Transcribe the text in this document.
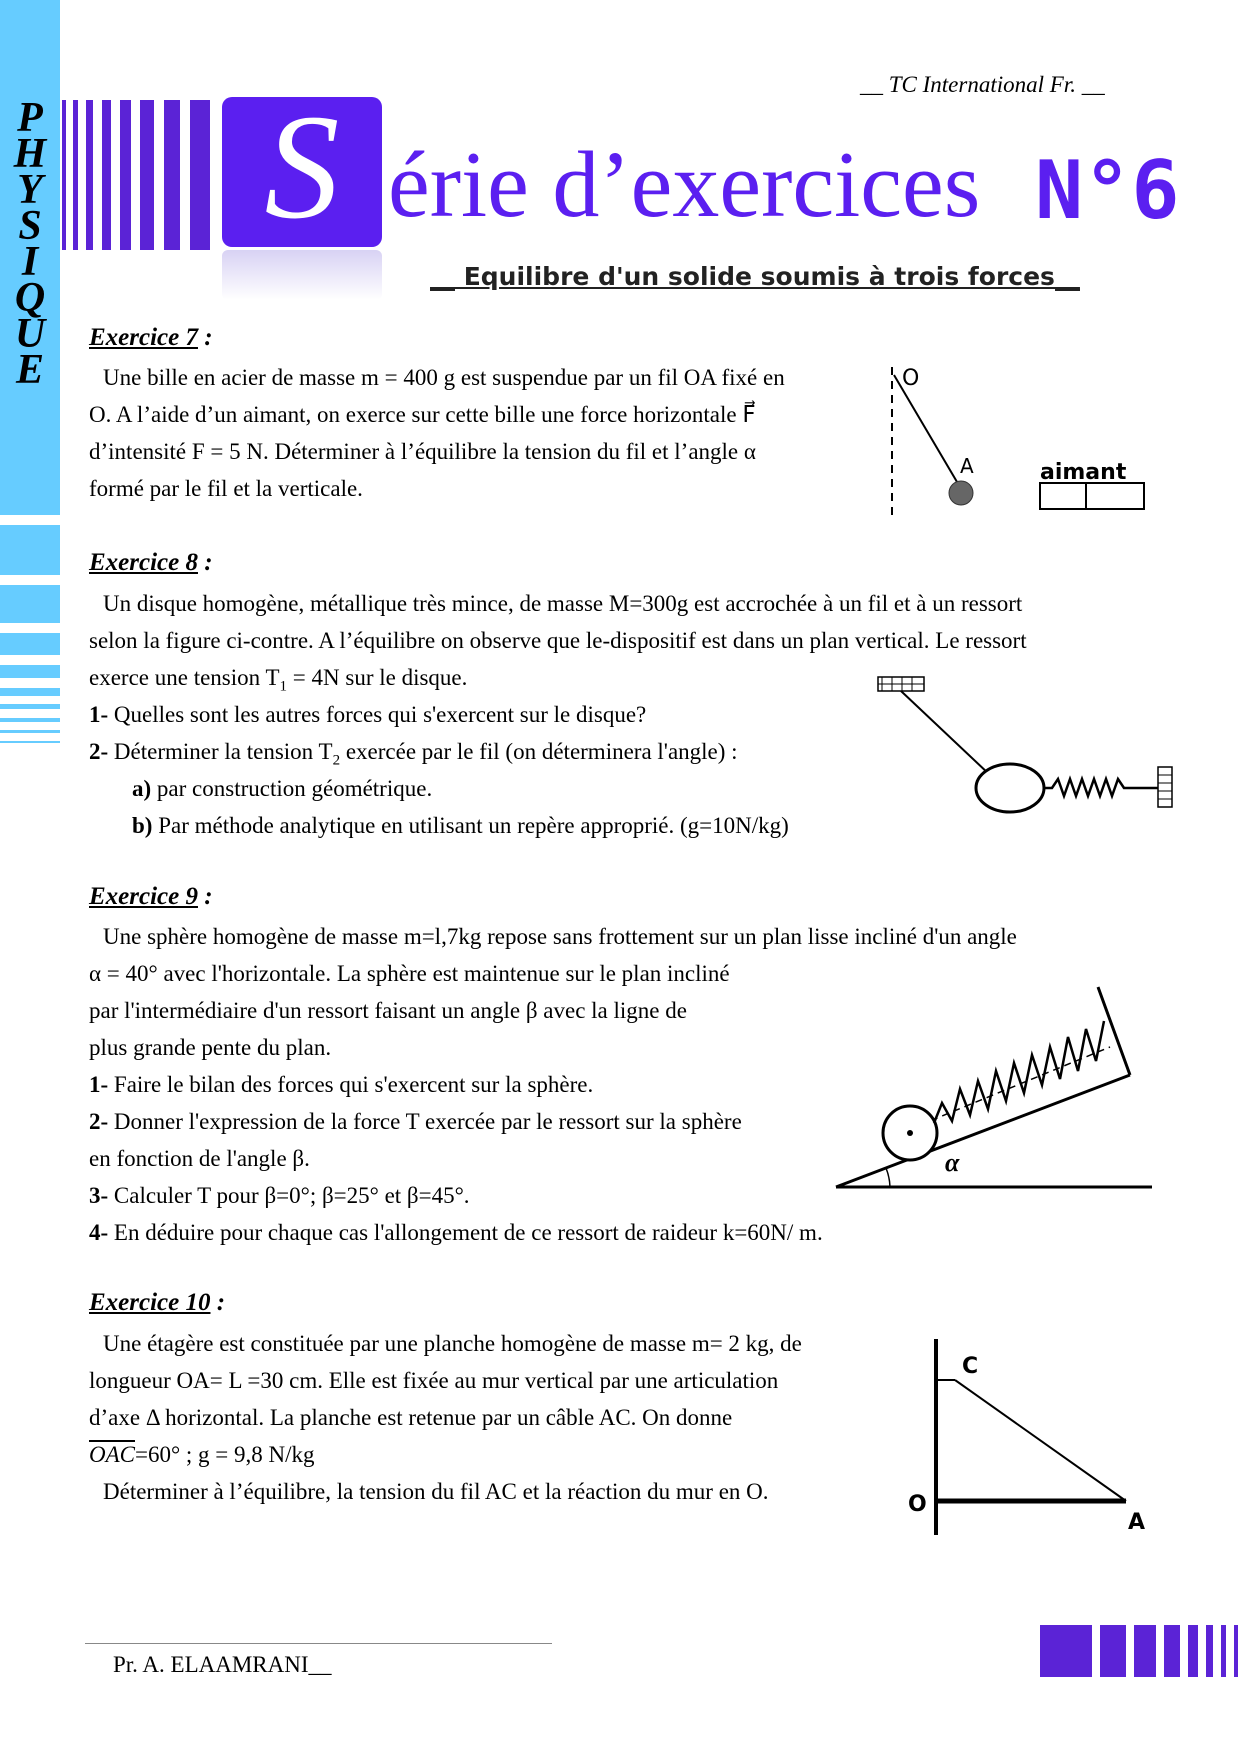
P
H
Y
S
I
Q
U
E
__ TC International Fr. __
S érie d’exercices N°6
__ Equilibre d'un solide soumis à trois forces__
Exercice 7 :
Une bille en acier de masse m = 400 g est suspendue par un fil OA fixé en
O. A l’aide d’un aimant, on exerce sur cette bille une force horizontale F⃗
d’intensité F = 5 N. Déterminer à l’équilibre la tension du fil et l’angle α
formé par le fil et la verticale.
O
A	aimant
Exercice 8 :
Un disque homogène, métallique très mince, de masse M=300g est accrochée à un fil et à un ressort
selon la figure ci-contre. A l’équilibre on observe que le-dispositif est dans un plan vertical. Le ressort
exerce une tension $T_1 = 4N$ sur le disque.
1- Quelles sont les autres forces qui s'exercent sur le disque?
2- Déterminer la tension $T_2$ exercée par le fil (on déterminera l'angle) :
a) par construction géométrique.
b) Par méthode analytique en utilisant un repère approprié. (g=10N/kg)
Exercice 9 :
Une sphère homogène de masse m=l,7kg repose sans frottement sur un plan lisse incliné d'un angle
α = 40° avec l'horizontale. La sphère est maintenue sur le plan incliné
par l'intermédiaire d'un ressort faisant un angle β avec la ligne de
plus grande pente du plan.
1- Faire le bilan des forces qui s'exercent sur la sphère.
2- Donner l'expression de la force T exercée par le ressort sur la sphère
en fonction de l'angle β.
3- Calculer T pour β=0°; β=25° et β=45°.
4- En déduire pour chaque cas l'allongement de ce ressort de raideur k=60N/ m.
α
Exercice 10 :
Une étagère est constituée par une planche homogène de masse m= 2 kg, de
longueur OA= L =30 cm. Elle est fixée au mur vertical par une articulation
d’axe Δ horizontal. La planche est retenue par un câble AC. On donne
$\overline{OAC}=60^\circ$ ; g = 9,8 N/kg
Déterminer à l’équilibre, la tension du fil AC et la réaction du mur en O.
C
O
A
Pr. A. ELAAMRANI__
